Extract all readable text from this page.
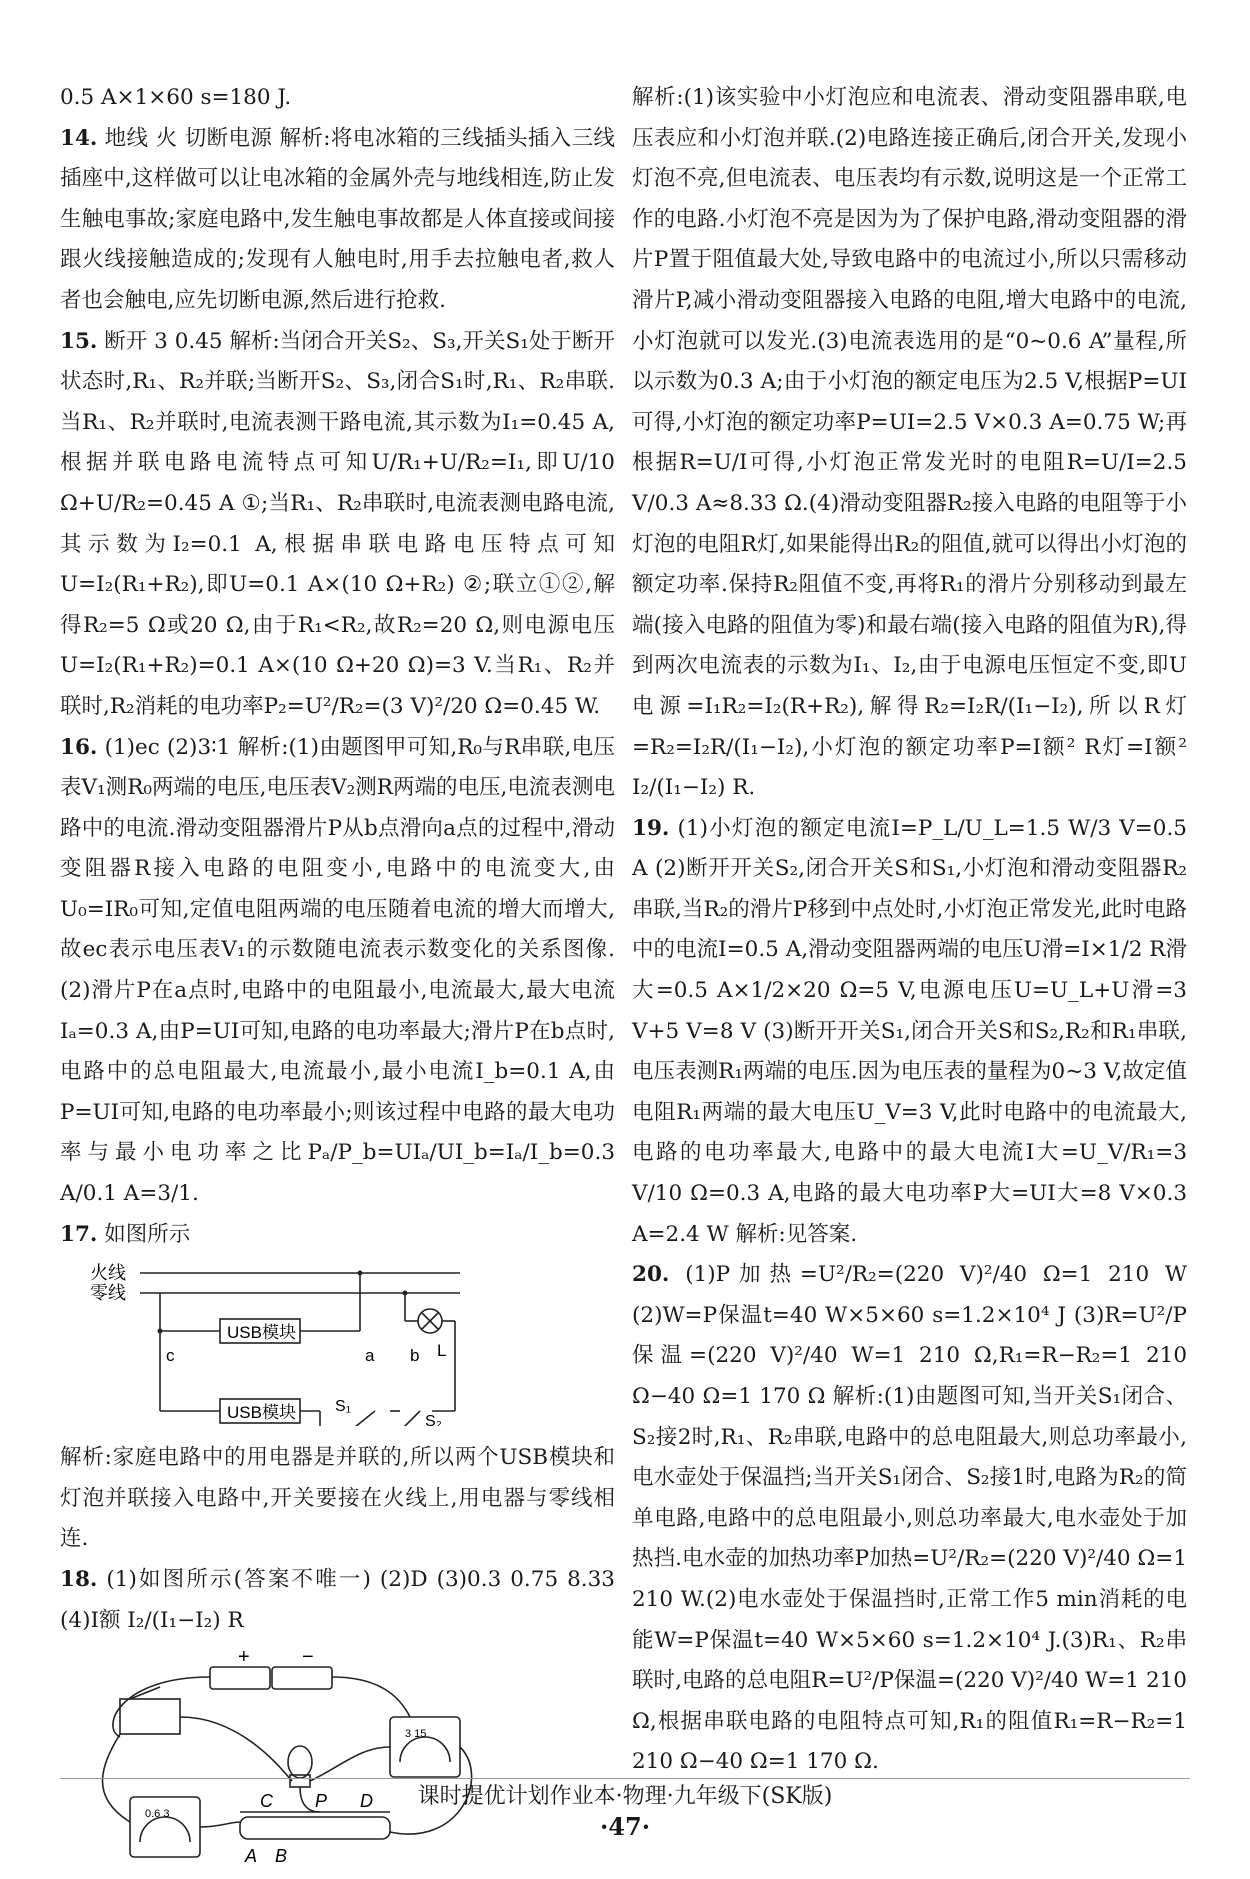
0.5 A×1×60 s=180 J.

14. 地线 火 切断电源 解析:将电冰箱的三线插头插入三线插座中,这样做可以让电冰箱的金属外壳与地线相连,防止发生触电事故;家庭电路中,发生触电事故都是人体直接或间接跟火线接触造成的;发现有人触电时,用手去拉触电者,救人者也会触电,应先切断电源,然后进行抢救.

15. 断开 3 0.45 解析:当闭合开关S₂、S₃,开关S₁处于断开状态时,R₁、R₂并联;当断开S₂、S₃,闭合S₁时,R₁、R₂串联.当R₁、R₂并联时,电流表测干路电流,其示数为I₁=0.45 A,根据并联电路电流特点可知U/R₁+U/R₂=I₁,即U/10 Ω+U/R₂=0.45 A ①;当R₁、R₂串联时,电流表测电路电流,其示数为I₂=0.1 A,根据串联电路电压特点可知U=I₂(R₁+R₂),即U=0.1 A×(10 Ω+R₂) ②;联立①②,解得R₂=5 Ω或20 Ω,由于R₁<R₂,故R₂=20 Ω,则电源电压U=I₂(R₁+R₂)=0.1 A×(10 Ω+20 Ω)=3 V.当R₁、R₂并联时,R₂消耗的电功率P₂=U²/R₂=(3 V)²/20 Ω=0.45 W.

16. (1)ec (2)3∶1 解析:(1)由题图甲可知,R₀与R串联,电压表V₁测R₀两端的电压,电压表V₂测R两端的电压,电流表测电路中的电流.滑动变阻器滑片P从b点滑向a点的过程中,滑动变阻器R接入电路的电阻变小,电路中的电流变大,由U₀=IR₀可知,定值电阻两端的电压随着电流的增大而增大,故ec表示电压表V₁的示数随电流表示数变化的关系图像.(2)滑片P在a点时,电路中的电阻最小,电流最大,最大电流Iₐ=0.3 A,由P=UI可知,电路的电功率最大;滑片P在b点时,电路中的总电阻最大,电流最小,最小电流I_b=0.1 A,由P=UI可知,电路的电功率最小;则该过程中电路的最大电功率与最小电功率之比Pₐ/P_b=UIₐ/UI_b=Iₐ/I_b=0.3 A/0.1 A=3/1.

17. 如图所示

火线
零线
USB模块
USB模块
c	a b L
S₁
S₂

解析:家庭电路中的用电器是并联的,所以两个USB模块和灯泡并联接入电路中,开关要接在火线上,用电器与零线相连.

18. (1)如图所示(答案不唯一) (2)D (3)0.3 0.75 8.33 (4)I额 I₂/(I₁−I₂) R

+	−
3 15
0.6 3
A B
C	D
P

解析:(1)该实验中小灯泡应和电流表、滑动变阻器串联,电压表应和小灯泡并联.(2)电路连接正确后,闭合开关,发现小灯泡不亮,但电流表、电压表均有示数,说明这是一个正常工作的电路.小灯泡不亮是因为为了保护电路,滑动变阻器的滑片P置于阻值最大处,导致电路中的电流过小,所以只需移动滑片P,减小滑动变阻器接入电路的电阻,增大电路中的电流,小灯泡就可以发光.(3)电流表选用的是“0~0.6 A”量程,所以示数为0.3 A;由于小灯泡的额定电压为2.5 V,根据P=UI可得,小灯泡的额定功率P=UI=2.5 V×0.3 A=0.75 W;再根据R=U/I可得,小灯泡正常发光时的电阻R=U/I=2.5 V/0.3 A≈8.33 Ω.(4)滑动变阻器R₂接入电路的电阻等于小灯泡的电阻R灯,如果能得出R₂的阻值,就可以得出小灯泡的额定功率.保持R₂阻值不变,再将R₁的滑片分别移动到最左端(接入电路的阻值为零)和最右端(接入电路的阻值为R),得到两次电流表的示数为I₁、I₂,由于电源电压恒定不变,即U电源=I₁R₂=I₂(R+R₂),解得R₂=I₂R/(I₁−I₂),所以R灯=R₂=I₂R/(I₁−I₂),小灯泡的额定功率P=I额² R灯=I额² I₂/(I₁−I₂) R.

19. (1)小灯泡的额定电流I=P_L/U_L=1.5 W/3 V=0.5 A (2)断开开关S₂,闭合开关S和S₁,小灯泡和滑动变阻器R₂串联,当R₂的滑片P移到中点处时,小灯泡正常发光,此时电路中的电流I=0.5 A,滑动变阻器两端的电压U滑=I×1/2 R滑大=0.5 A×1/2×20 Ω=5 V,电源电压U=U_L+U滑=3 V+5 V=8 V (3)断开开关S₁,闭合开关S和S₂,R₂和R₁串联,电压表测R₁两端的电压.因为电压表的量程为0~3 V,故定值电阻R₁两端的最大电压U_V=3 V,此时电路中的电流最大,电路的电功率最大,电路中的最大电流I大=U_V/R₁=3 V/10 Ω=0.3 A,电路的最大电功率P大=UI大=8 V×0.3 A=2.4 W 解析:见答案.

20. (1)P加热=U²/R₂=(220 V)²/40 Ω=1 210 W (2)W=P保温t=40 W×5×60 s=1.2×10⁴ J (3)R=U²/P保温=(220 V)²/40 W=1 210 Ω,R₁=R−R₂=1 210 Ω−40 Ω=1 170 Ω 解析:(1)由题图可知,当开关S₁闭合、S₂接2时,R₁、R₂串联,电路中的总电阻最大,则总功率最小,电水壶处于保温挡;当开关S₁闭合、S₂接1时,电路为R₂的简单电路,电路中的总电阻最小,则总功率最大,电水壶处于加热挡.电水壶的加热功率P加热=U²/R₂=(220 V)²/40 Ω=1 210 W.(2)电水壶处于保温挡时,正常工作5 min消耗的电能W=P保温t=40 W×5×60 s=1.2×10⁴ J.(3)R₁、R₂串联时,电路的总电阻R=U²/P保温=(220 V)²/40 W=1 210 Ω,根据串联电路的电阻特点可知,R₁的阻值R₁=R−R₂=1 210 Ω−40 Ω=1 170 Ω.

课时提优计划作业本·物理·九年级下(SK版)
·47·
